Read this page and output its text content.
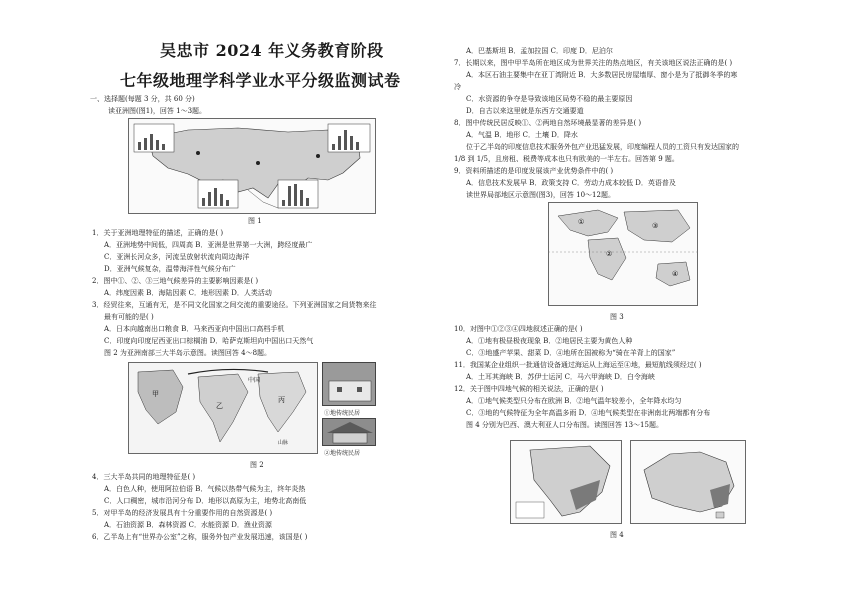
吴忠市 2024 年义务教育阶段
七年级地理学科学业水平分级监测试卷
一、选择题(每题 3 分，共 60 分)
读亚洲图(图1)，回答 1～3题。
图 1
1．关于亚洲地理特征的描述，正确的是( )
A．亚洲地势中间低，四周高 B．亚洲是世界第一大洲，跨经度最广
C．亚洲长河众多，河流呈放射状流向周边海洋
D．亚洲气候复杂，温带海洋性气候分布广
2．图中①、②、③三地气候差异的主要影响因素是( )
A．纬度因素 B．海陆因素 C．地形因素 D．人类活动
3．经贸往来，互通有无，是不同文化国家之间交流的重要途径。下列亚洲国家之间货物来往
最有可能的是( )
A．日本向越南出口粮食 B．马来西亚向中国出口高档手机
C．印度向印度尼西亚出口棕榈油 D．哈萨克斯坦向中国出口天然气
图 2 为亚洲南部三大半岛示意图。读图回答 4～8题。
甲
乙
丙
中国
山脉
①地传统民居
②地传统民居
图 2
4．三大半岛共同的地理特征是( )
A．白色人种，使用阿拉伯语 B．气候以热带气候为主，终年炎热
C．人口稠密，城市沿河分布 D．地形以高原为主，地势北高南低
5．对甲半岛的经济发展具有十分重要作用的自然资源是( )
A．石油资源 B．森林资源 C．水能资源 D．渔业资源
6．乙半岛上有“世界办公室”之称，服务外包产业发展迅速，该国是( )
A．巴基斯坦 B．孟加拉国 C．印度 D．尼泊尔
7．长期以来，图中甲半岛所在地区成为世界关注的热点地区，有关该地区说法正确的是( )
A．本区石油主要集中在亚丁湾附近 B．大多数居民房屋墙厚、窗小是为了抵御冬季的寒
冷
C．水资源的争夺是导致该地区局势不稳的最主要原因
D．自古以来这里就是东西方交通要道
8．图中传统民居反映①、②两地自然环境最显著的差异是( )
A．气温 B．地形 C．土壤 D．降水
位于乙半岛的印度信息技术服务外包产业迅猛发展，印度编程人员的工资只有发达国家的
1/8 到 1/5，且房租、税费等成本也只有欧美的一半左右。回答第 9 题。
9．资料所描述的是印度发展该产业优势条件中的( )
A．信息技术发展早 B．政策支持 C．劳动力成本较低 D．英语普及
读世界局部地区示意图(图3)，回答 10～12题。
①
②
③
④
图 3
10．对图中①②③④四地叙述正确的是( )
A．①地有极昼极夜现象 B．②地居民主要为黄色人种
C．③地盛产苹果、甜菜 D．④地所在国被称为“骑在羊背上的国家”
11．我国某企业组织一批通信设备通过海运从上海运至④地，最短航线须经过( )
A．土耳其海峡 B．苏伊士运河 C．马六甲海峡 D．白令海峡
12．关于图中四地气候的相关说法，正确的是( )
A．①地气候类型只分布在欧洲 B．②地气温年较差小，全年降水均匀
C．③地的气候特征为全年高温多雨 D．④地气候类型在非洲南北两端都有分布
图 4 分别为巴西、澳大利亚人口分布图。读图回答 13～15题。
图 4
